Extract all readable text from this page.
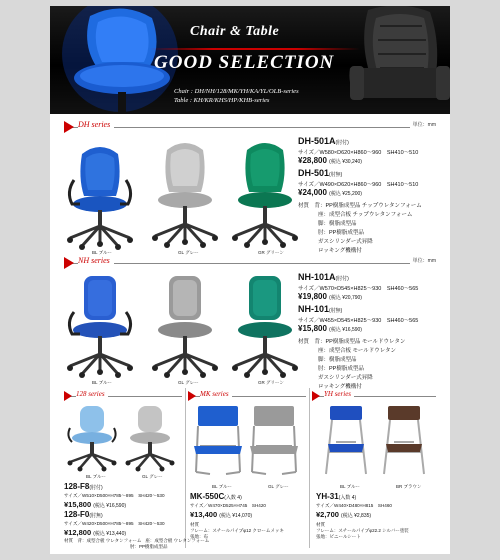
Chair & Table
GOOD SELECTION
Chair : DH/NH/128/MK/YH/KA/YL/OLB-series
Table : KH/KR/KHS/HP/KHB-series
DH series	単位：mm
BL ブルー	GL グレー	GR グリーン
DH-501A(肘付)
サイズ／W580×D620×H860〜960　SH410〜510
¥28,800 (税込 ¥30,240)
DH-501(肘無)
サイズ／W490×D620×H860〜960　SH410〜510
¥24,000 (税込 ¥25,200)
材質　背：PP樹脂成型品 チップウレタンフォーム
座：成型合板 チップウレタンフォーム
脚：樹脂成型品
肘：PP樹脂成型品
ガスシリンダー式昇降
ロッキング機構付
NH series	単位：mm
BL ブルー	GL グレー	GR グリーン
NH-101A(肘付)
サイズ／W570×D545×H825〜930　SH460〜565
¥19,800 (税込 ¥20,790)
NH-101(肘無)
サイズ／W455×D545×H825〜930　SH460〜565
¥15,800 (税込 ¥16,590)
材質　背：PP樹脂成型品 モールドウレタン
座：成型合板 モールドウレタン
脚：樹脂成型品
肘：PP樹脂成型品
ガスシリンダー式昇降
ロッキング機構付
128 series	MK series	YH series
BL ブルー	GL グレー
128-F8(肘付)
サイズ／W510×D500×H785〜895　SH420〜530
¥15,800 (税込 ¥16,590)
128-F0(肘無)
サイズ／W420×D500×H785〜895　SH420〜530
¥12,800 (税込 ¥13,440)
材質　背：成型合板 ウレタンフォーム 座：成型合板 ウレタンフォーム
肘：PP樹脂成型品
BL ブルー	GL グレー
MK-550C(入数 4)
サイズ／W470×D525×H745　SH420
¥13,400 (税込 ¥14,070)
材質
フレーム：スチールパイプφ12 クロームメッキ
張地：布
BL ブルー	BR ブラウン
YH-31(入数 4)
サイズ／W440×D480×H815　SH460
¥2,700 (税込 ¥2,835)
材質
フレーム：スチールパイプφ22.2 シルバー塗装
張地：ビニールシート
